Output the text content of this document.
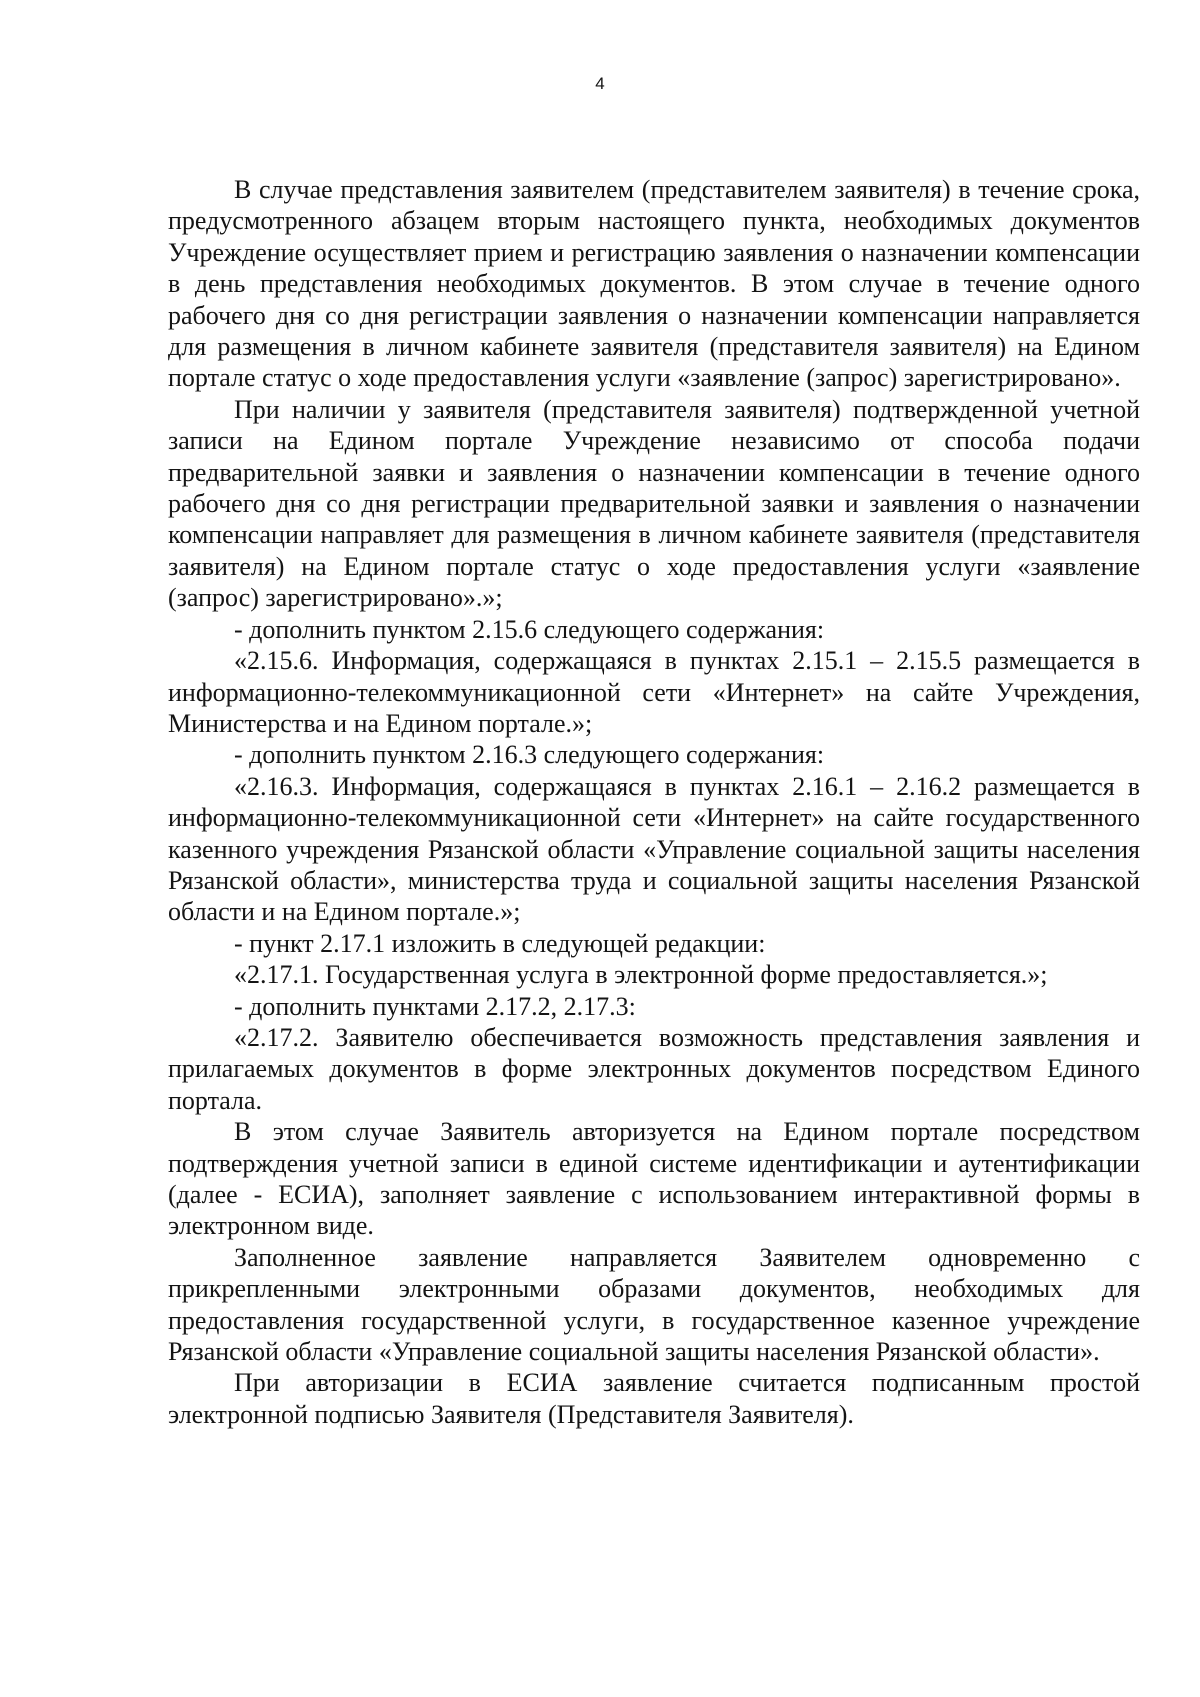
4

В случае представления заявителем (представителем заявителя) в течение срока, предусмотренного абзацем вторым настоящего пункта, необходимых документов Учреждение осуществляет прием и регистрацию заявления о назначении компенсации в день представления необходимых документов. В этом случае в течение одного рабочего дня со дня регистрации заявления о назначении компенсации направляется для размещения в личном кабинете заявителя (представителя заявителя) на Едином портале статус о ходе предоставления услуги «заявление (запрос) зарегистрировано».

При наличии у заявителя (представителя заявителя) подтвержденной учетной записи на Едином портале Учреждение независимо от способа подачи предварительной заявки и заявления о назначении компенсации в течение одного рабочего дня со дня регистрации предварительной заявки и заявления о назначении компенсации направляет для размещения в личном кабинете заявителя (представителя заявителя) на Едином портале статус о ходе предоставления услуги «заявление (запрос) зарегистрировано».»;

- дополнить пунктом 2.15.6 следующего содержания:

«2.15.6. Информация, содержащаяся в пунктах 2.15.1 – 2.15.5 размещается в информационно-телекоммуникационной сети «Интернет» на сайте Учреждения, Министерства и на Едином портале.»;

- дополнить пунктом 2.16.3 следующего содержания:

«2.16.3. Информация, содержащаяся в пунктах 2.16.1 – 2.16.2 размещается в информационно-телекоммуникационной сети «Интернет» на сайте государственного казенного учреждения Рязанской области «Управление социальной защиты населения Рязанской области», министерства труда и социальной защиты населения Рязанской области и на Едином портале.»;

- пункт 2.17.1 изложить в следующей редакции:

«2.17.1. Государственная услуга в электронной форме предоставляется.»;

- дополнить пунктами 2.17.2, 2.17.3:

«2.17.2. Заявителю обеспечивается возможность представления заявления и прилагаемых документов в форме электронных документов посредством Единого портала.

В этом случае Заявитель авторизуется на Едином портале посредством подтверждения учетной записи в единой системе идентификации и аутентификации (далее - ЕСИА), заполняет заявление с использованием интерактивной формы в электронном виде.

Заполненное заявление направляется Заявителем одновременно с прикрепленными электронными образами документов, необходимых для предоставления государственной услуги, в государственное казенное учреждение Рязанской области «Управление социальной защиты населения Рязанской области».

При авторизации в ЕСИА заявление считается подписанным простой электронной подписью Заявителя (Представителя Заявителя).
